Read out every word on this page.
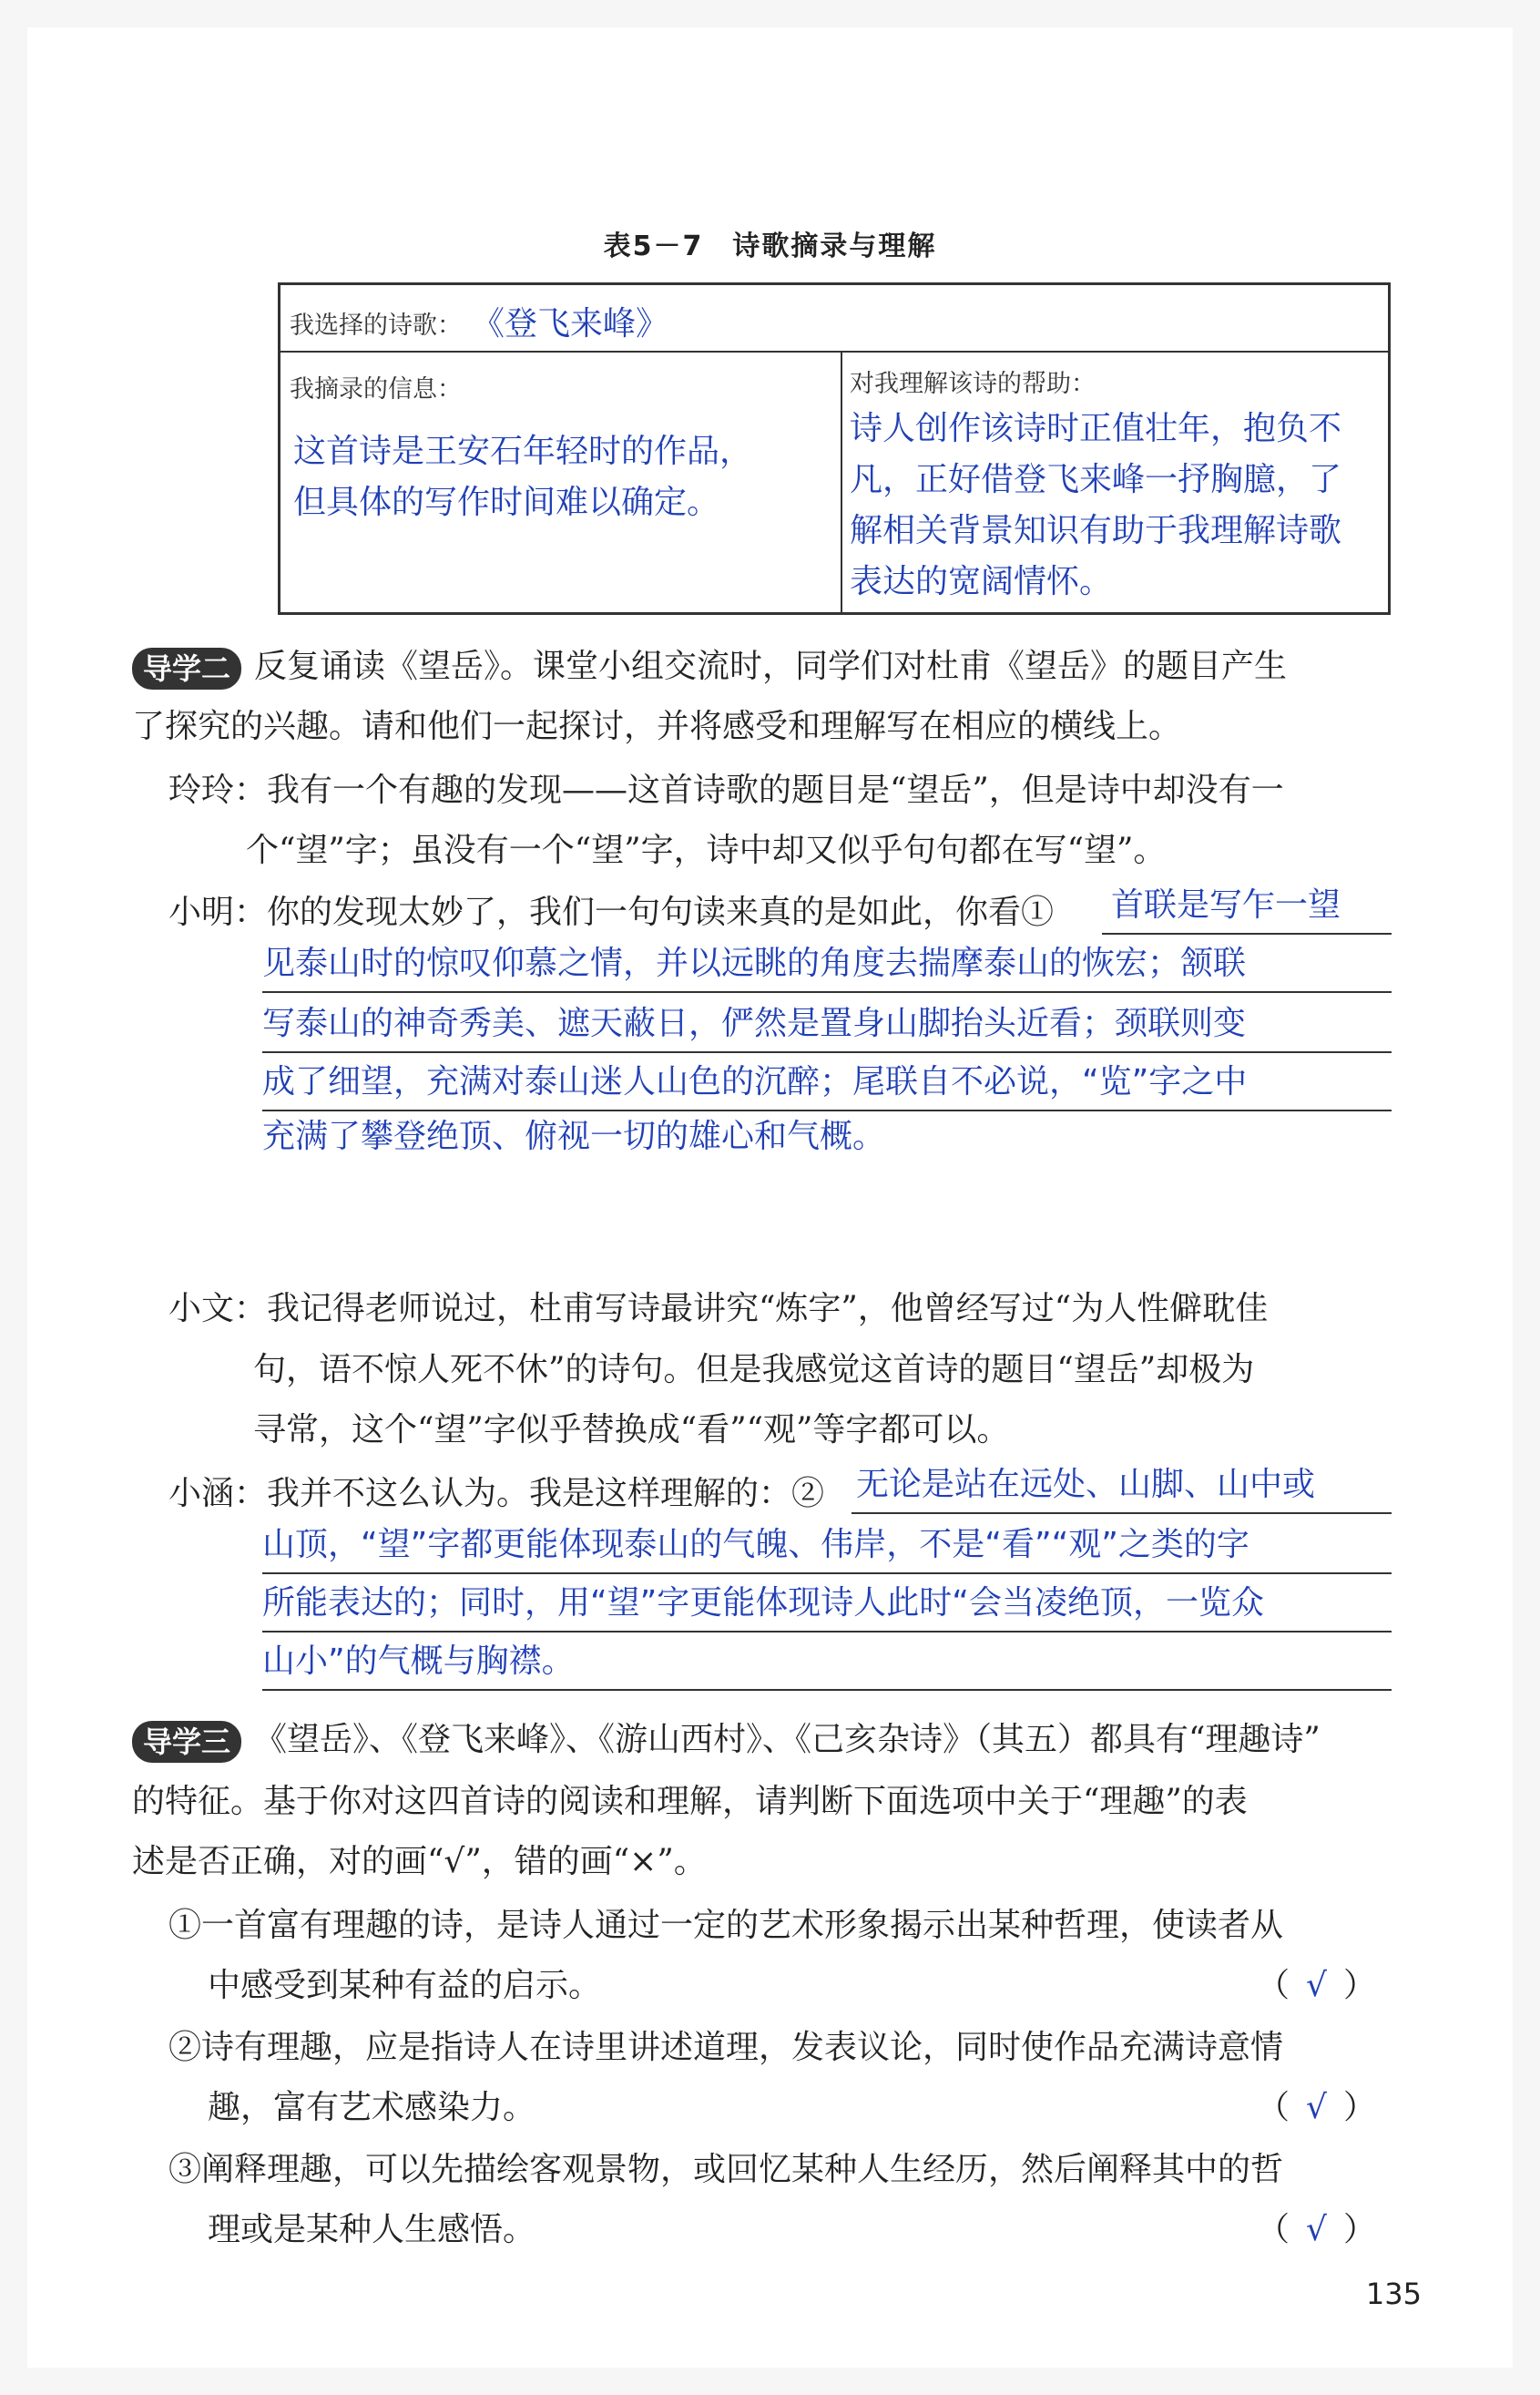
表5－7　诗歌摘录与理解
我选择的诗歌： 《登飞来峰》
我摘录的信息：
这首诗是王安石年轻时的作品，
但具体的写作时间难以确定。
对我理解该诗的帮助：
诗人创作该诗时正值壮年，抱负不
凡，正好借登飞来峰一抒胸臆，了
解相关背景知识有助于我理解诗歌
表达的宽阔情怀。
导学二 反复诵读《望岳》。课堂小组交流时，同学们对杜甫《望岳》的题目产生
了探究的兴趣。请和他们一起探讨，并将感受和理解写在相应的横线上。
玲玲：我有一个有趣的发现——这首诗歌的题目是“望岳”，但是诗中却没有一
个“望”字；虽没有一个“望”字，诗中却又似乎句句都在写“望”。
小明：你的发现太妙了，我们一句句读来真的是如此，你看① 首联是写乍一望
见泰山时的惊叹仰慕之情，并以远眺的角度去揣摩泰山的恢宏；颔联
写泰山的神奇秀美、遮天蔽日，俨然是置身山脚抬头近看；颈联则变
成了细望，充满对泰山迷人山色的沉醉；尾联自不必说，“览”字之中
充满了攀登绝顶、俯视一切的雄心和气概。
小文：我记得老师说过，杜甫写诗最讲究“炼字”，他曾经写过“为人性僻耽佳
句，语不惊人死不休”的诗句。但是我感觉这首诗的题目“望岳”却极为
寻常，这个“望”字似乎替换成“看”“观”等字都可以。
小涵：我并不这么认为。我是这样理解的：② 无论是站在远处、山脚、山中或
山顶，“望”字都更能体现泰山的气魄、伟岸，不是“看”“观”之类的字
所能表达的；同时，用“望”字更能体现诗人此时“会当凌绝顶，一览众
山小”的气概与胸襟。
导学三 《望岳》、《登飞来峰》、《游山西村》、《己亥杂诗》（其五）都具有“理趣诗”
的特征。基于你对这四首诗的阅读和理解，请判断下面选项中关于“理趣”的表
述是否正确，对的画“√”，错的画“×”。
①一首富有理趣的诗，是诗人通过一定的艺术形象揭示出某种哲理，使读者从
中感受到某种有益的启示。	（ √ ）
②诗有理趣，应是指诗人在诗里讲述道理，发表议论，同时使作品充满诗意情
趣，富有艺术感染力。	（ √ ）
③阐释理趣，可以先描绘客观景物，或回忆某种人生经历，然后阐释其中的哲
理或是某种人生感悟。	（ √ ）
135
